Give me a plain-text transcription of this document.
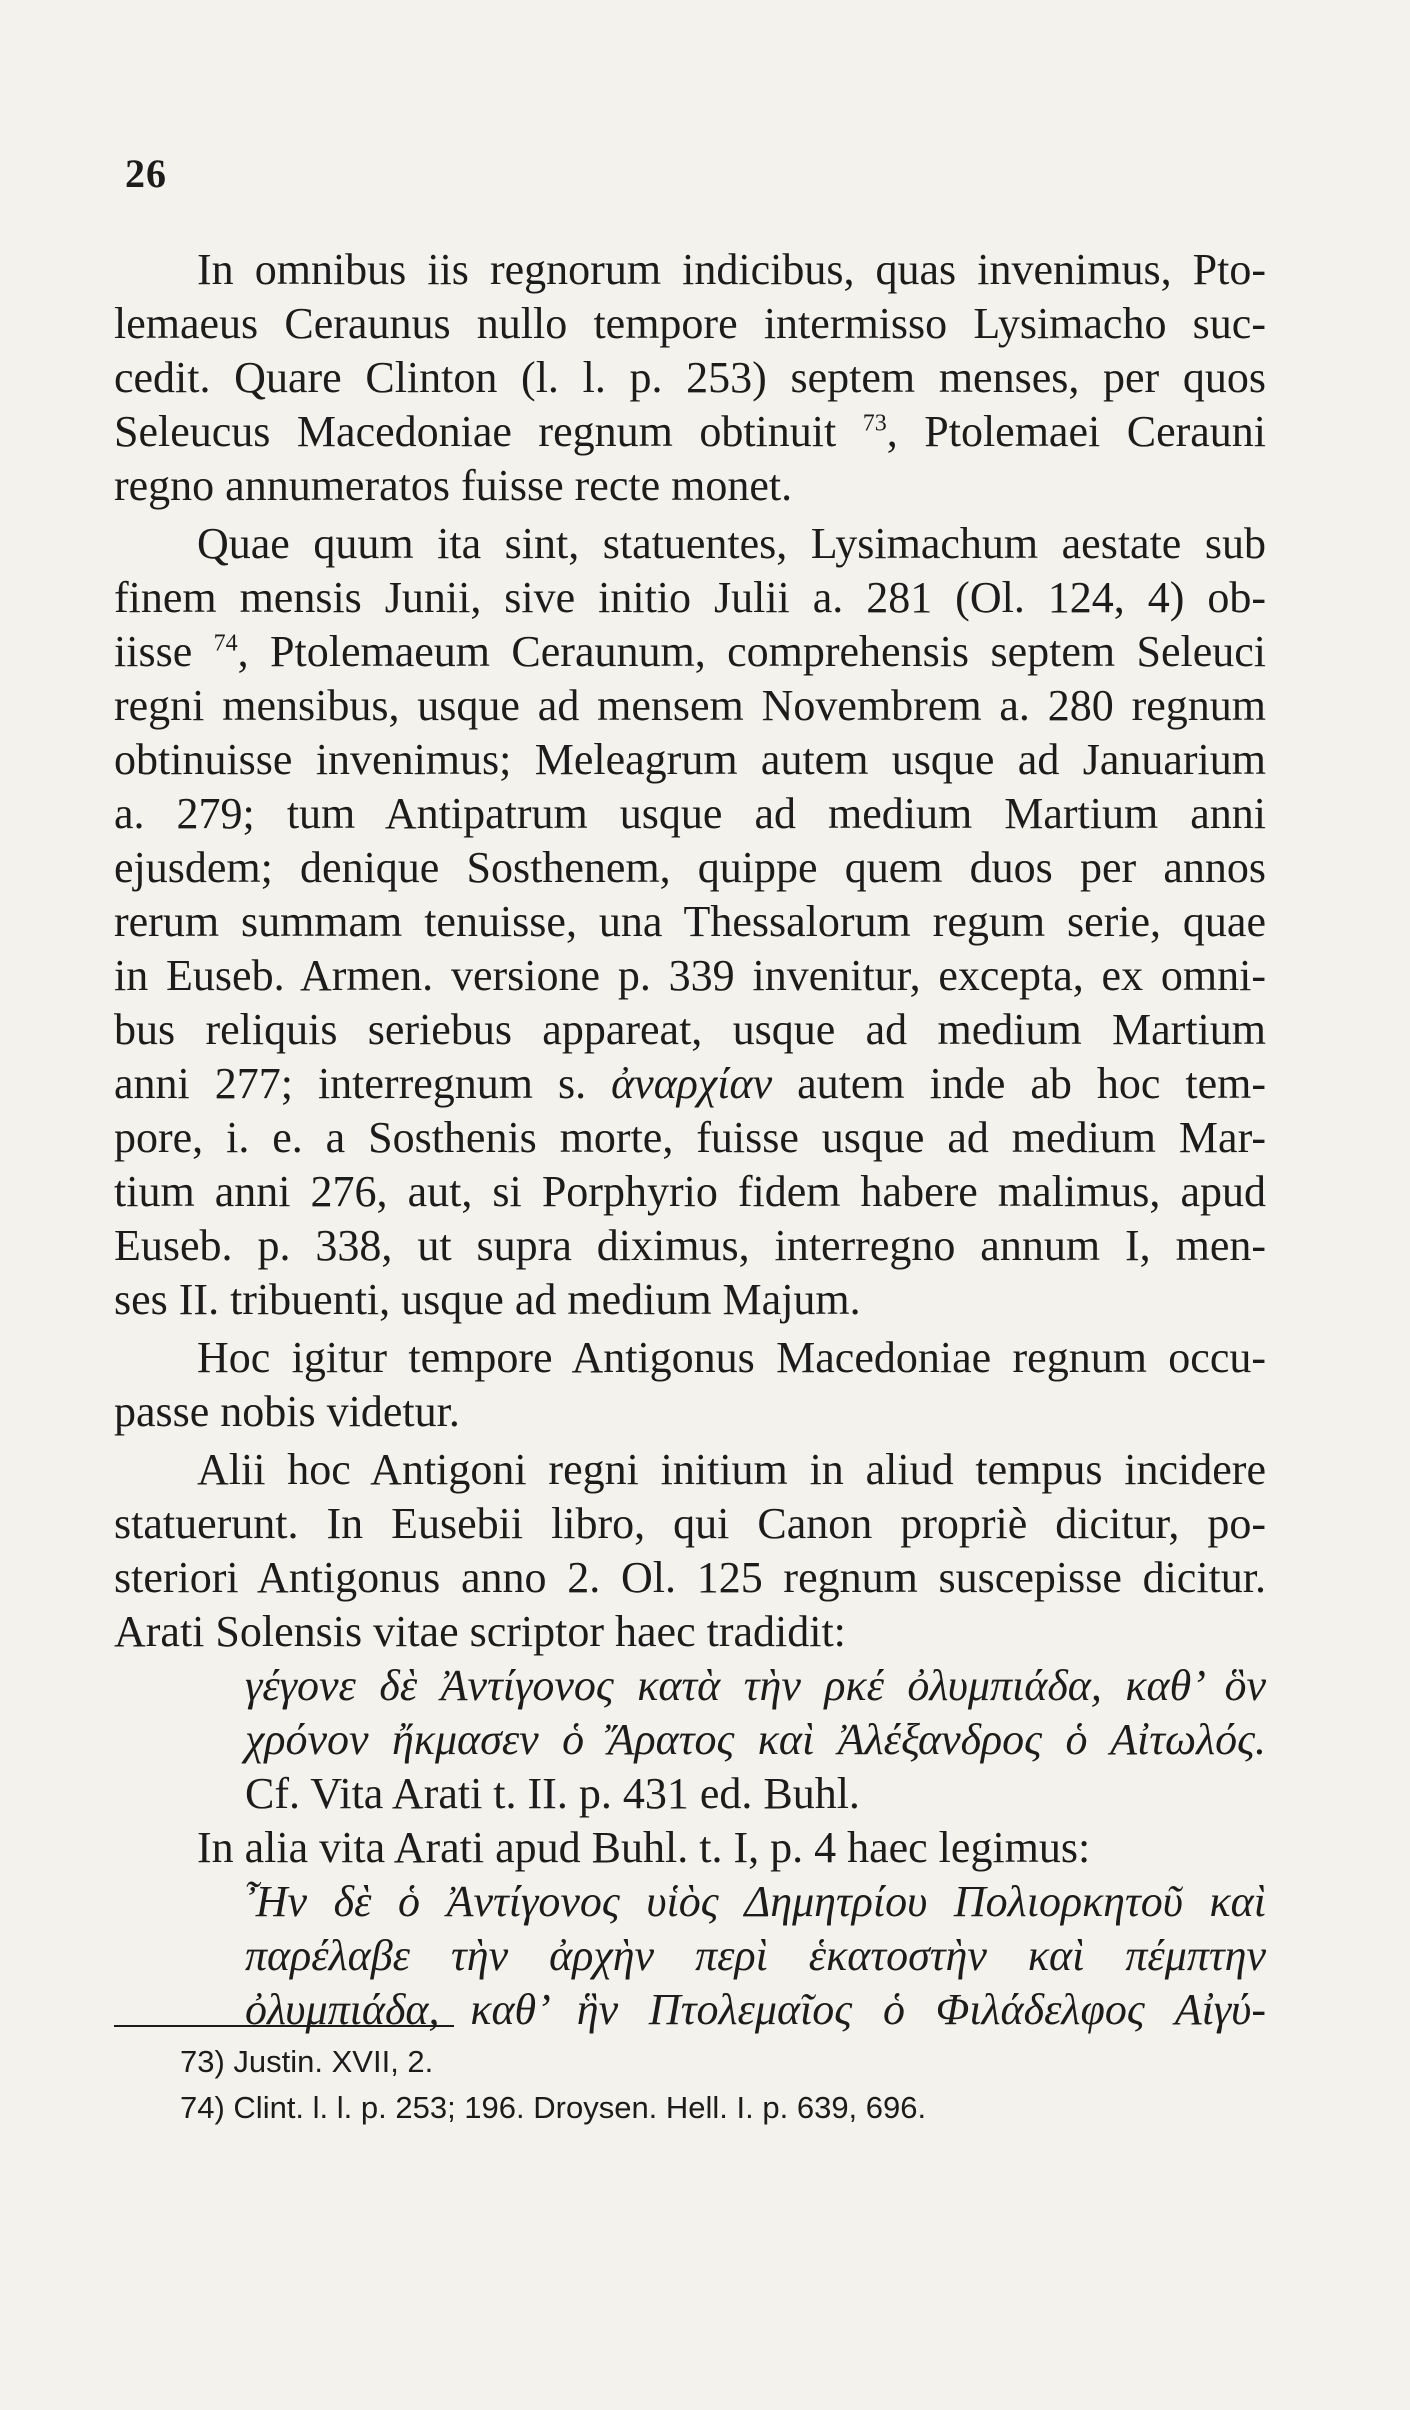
26
In omnibus iis regnorum indicibus, quas invenimus, Pto-
lemaeus Ceraunus nullo tempore intermisso Lysimacho suc-
cedit. Quare Clinton (l. l. p. 253) septem menses, per quos
Seleucus Macedoniae regnum obtinuit $^{73}$, Ptolemaei Cerauni
regno annumeratos fuisse recte monet.
Quae quum ita sint, statuentes, Lysimachum aestate sub
finem mensis Junii, sive initio Julii a. 281 (Ol. 124, 4) ob-
iisse $^{74}$, Ptolemaeum Ceraunum, comprehensis septem Seleuci
regni mensibus, usque ad mensem Novembrem a. 280 regnum
obtinuisse invenimus; Meleagrum autem usque ad Januarium
a. 279; tum Antipatrum usque ad medium Martium anni
ejusdem; denique Sosthenem, quippe quem duos per annos
rerum summam tenuisse, una Thessalorum regum serie, quae
in Euseb. Armen. versione p. 339 invenitur, excepta, ex omni-
bus reliquis seriebus appareat, usque ad medium Martium
anni 277; interregnum s. ἀναρχίαν autem inde ab hoc tem-
pore, i. e. a Sosthenis morte, fuisse usque ad medium Mar-
tium anni 276, aut, si Porphyrio fidem habere malimus, apud
Euseb. p. 338, ut supra diximus, interregno annum I, men-
ses II. tribuenti, usque ad medium Majum.
Hoc igitur tempore Antigonus Macedoniae regnum occu-
passe nobis videtur.
Alii hoc Antigoni regni initium in aliud tempus incidere
statuerunt. In Eusebii libro, qui Canon propriè dicitur, po-
steriori Antigonus anno 2. Ol. 125 regnum suscepisse dicitur.
Arati Solensis vitae scriptor haec tradidit:
γέγονε δὲ Ἀντίγονος κατὰ τὴν ρκέ ὀλυμπιάδα, καθ’ ὃν
χρόνον ἤκμασεν ὁ Ἄρατος καὶ Ἀλέξανδρος ὁ Αἰτωλός.
Cf. Vita Arati t. II. p. 431 ed. Buhl.
In alia vita Arati apud Buhl. t. I, p. 4 haec legimus:
Ἦν δὲ ὁ Ἀντίγονος υἱὸς Δημητρίου Πολιορκητοῦ καὶ
παρέλαβε τὴν ἀρχὴν περὶ ἑκατοστὴν καὶ πέμπτην
ὀλυμπιάδα, καθ’ ἣν Πτολεμαῖος ὁ Φιλάδελφος Αἰγύ-
73) Justin. XVII, 2.
74) Clint. l. l. p. 253; 196. Droysen. Hell. I. p. 639, 696.
